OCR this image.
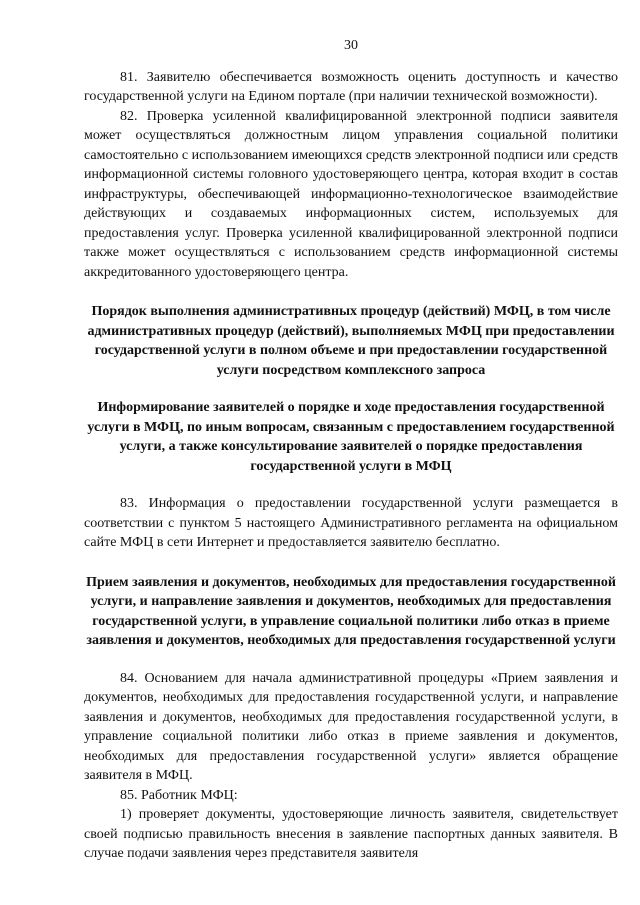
30

81. Заявителю обеспечивается возможность оценить доступность и качество государственной услуги на Едином портале (при наличии технической возможности).

82. Проверка усиленной квалифицированной электронной подписи заявителя может осуществляться должностным лицом управления социальной политики самостоятельно с использованием имеющихся средств электронной подписи или средств информационной системы головного удостоверяющего центра, которая входит в состав инфраструктуры, обеспечивающей информационно-технологическое взаимодействие действующих и создаваемых информационных систем, используемых для предоставления услуг. Проверка усиленной квалифицированной электронной подписи также может осуществляться с использованием средств информационной системы аккредитованного удостоверяющего центра.

Порядок выполнения административных процедур (действий) МФЦ, в том числе административных процедур (действий), выполняемых МФЦ при предоставлении государственной услуги в полном объеме и при предоставлении государственной услуги посредством комплексного запроса
Информирование заявителей о порядке и ходе предоставления государственной услуги в МФЦ, по иным вопросам, связанным с предоставлением государственной услуги, а также консультирование заявителей о порядке предоставления государственной услуги в МФЦ

83. Информация о предоставлении государственной услуги размещается в соответствии с пунктом 5 настоящего Административного регламента на официальном сайте МФЦ в сети Интернет и предоставляется заявителю бесплатно.

Прием заявления и документов, необходимых для предоставления государственной услуги, и направление заявления и документов, необходимых для предоставления государственной услуги, в управление социальной политики либо отказ в приеме заявления и документов, необходимых для предоставления государственной услуги

84. Основанием для начала административной процедуры «Прием заявления и документов, необходимых для предоставления государственной услуги, и направление заявления и документов, необходимых для предоставления государственной услуги, в управление социальной политики либо отказ в приеме заявления и документов, необходимых для предоставления государственной услуги» является обращение заявителя в МФЦ.

85. Работник МФЦ:

1) проверяет документы, удостоверяющие личность заявителя, свидетельствует своей подписью правильность внесения в заявление паспортных данных заявителя. В случае подачи заявления через представителя заявителя
